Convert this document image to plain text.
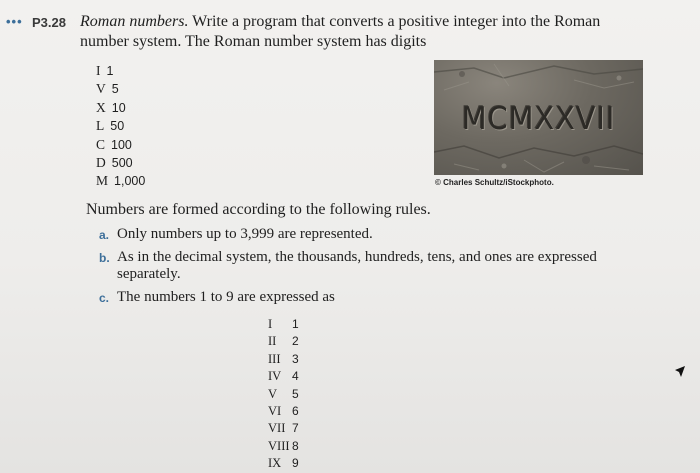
••• P3.28 Roman numbers. Write a program that converts a positive integer into the Roman
number system. The Roman number system has digits
I 1
V 5
X 10
L 50
C 100
D 500
M 1,000
MCMXXVII
© Charles Schultz/iStockphoto.
Numbers are formed according to the following rules.
a. Only numbers up to 3,999 are represented.
b. As in the decimal system, the thousands, hundreds, tens, and ones are expressed
separately.
c. The numbers 1 to 9 are expressed as
I 1
II 2
III 3
IV 4
V 5
VI 6
VII 7
VIII 8
IX 9
